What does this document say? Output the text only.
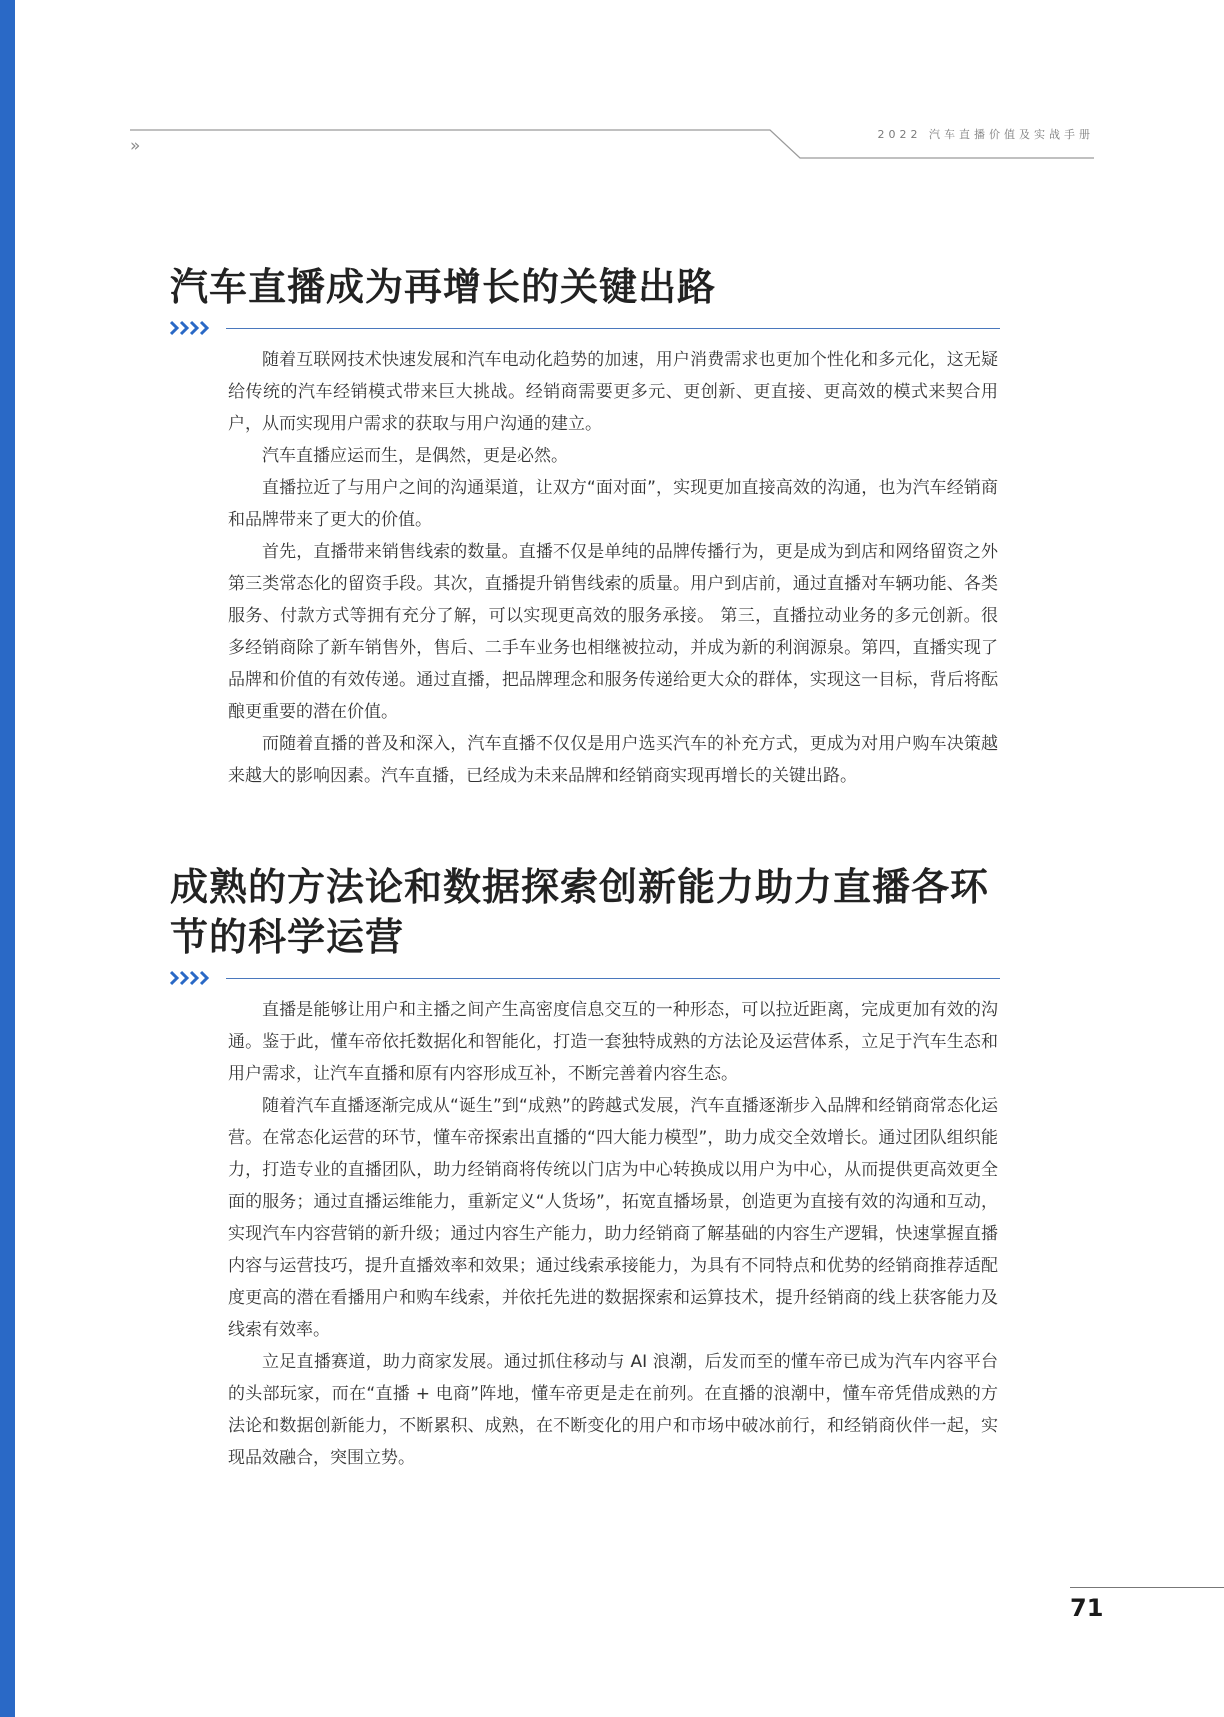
»
2022 汽车直播价值及实战手册
汽车直播成为再增长的关键出路

随着互联网技术快速发展和汽车电动化趋势的加速，用户消费需求也更加个性化和多元化，这无疑给传统的汽车经销模式带来巨大挑战。经销商需要更多元、更创新、更直接、更高效的模式来契合用户，从而实现用户需求的获取与用户沟通的建立。

汽车直播应运而生，是偶然，更是必然。

直播拉近了与用户之间的沟通渠道，让双方“面对面”，实现更加直接高效的沟通，也为汽车经销商和品牌带来了更大的价值。

首先，直播带来销售线索的数量。直播不仅是单纯的品牌传播行为，更是成为到店和网络留资之外第三类常态化的留资手段。其次，直播提升销售线索的质量。用户到店前，通过直播对车辆功能、各类服务、付款方式等拥有充分了解，可以实现更高效的服务承接。 第三，直播拉动业务的多元创新。很多经销商除了新车销售外，售后、二手车业务也相继被拉动，并成为新的利润源泉。第四，直播实现了品牌和价值的有效传递。通过直播，把品牌理念和服务传递给更大众的群体，实现这一目标，背后将酝酿更重要的潜在价值。

而随着直播的普及和深入，汽车直播不仅仅是用户选买汽车的补充方式，更成为对用户购车决策越来越大的影响因素。汽车直播，已经成为未来品牌和经销商实现再增长的关键出路。

成熟的方法论和数据探索创新能力助力直播各环节的科学运营

直播是能够让用户和主播之间产生高密度信息交互的一种形态，可以拉近距离，完成更加有效的沟通。鉴于此，懂车帝依托数据化和智能化，打造一套独特成熟的方法论及运营体系，立足于汽车生态和用户需求，让汽车直播和原有内容形成互补，不断完善着内容生态。

随着汽车直播逐渐完成从“诞生”到“成熟”的跨越式发展，汽车直播逐渐步入品牌和经销商常态化运营。在常态化运营的环节，懂车帝探索出直播的“四大能力模型”，助力成交全效增长。通过团队组织能力，打造专业的直播团队，助力经销商将传统以门店为中心转换成以用户为中心，从而提供更高效更全面的服务；通过直播运维能力，重新定义“人货场”，拓宽直播场景，创造更为直接有效的沟通和互动，实现汽车内容营销的新升级；通过内容生产能力，助力经销商了解基础的内容生产逻辑，快速掌握直播内容与运营技巧，提升直播效率和效果；通过线索承接能力，为具有不同特点和优势的经销商推荐适配度更高的潜在看播用户和购车线索，并依托先进的数据探索和运算技术，提升经销商的线上获客能力及线索有效率。

立足直播赛道，助力商家发展。通过抓住移动与 AI 浪潮，后发而至的懂车帝已成为汽车内容平台的头部玩家，而在“直播 + 电商”阵地，懂车帝更是走在前列。在直播的浪潮中，懂车帝凭借成熟的方法论和数据创新能力，不断累积、成熟，在不断变化的用户和市场中破冰前行，和经销商伙伴一起，实现品效融合，突围立势。

71
